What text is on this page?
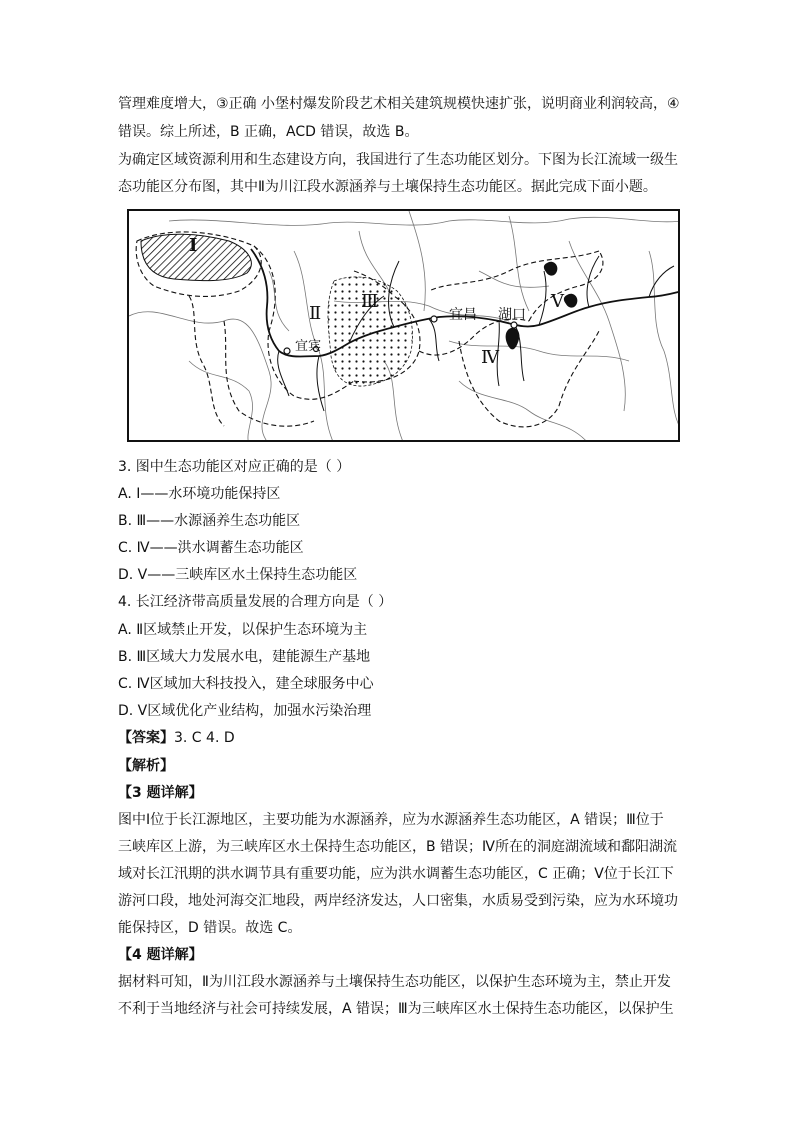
管理难度增大，③正确 小堡村爆发阶段艺术相关建筑规模快速扩张，说明商业利润较高，④
错误。综上所述，B 正确，ACD 错误，故选 B。
为确定区域资源利用和生态建设方向，我国进行了生态功能区划分。下图为长江流域一级生
态功能区分布图，其中Ⅱ为川江段水源涵养与土壤保持生态功能区。据此完成下面小题。
Ⅰ
Ⅱ
Ⅲ
Ⅳ
Ⅴ
宜宾
宜昌 湖口
3. 图中生态功能区对应正确的是（ ）
A. Ⅰ——水环境功能保持区
B. Ⅲ——水源涵养生态功能区
C. Ⅳ——洪水调蓄生态功能区
D. Ⅴ——三峡库区水土保持生态功能区
4. 长江经济带高质量发展的合理方向是（ ）
A. Ⅱ区域禁止开发，以保护生态环境为主
B. Ⅲ区域大力发展水电，建能源生产基地
C. Ⅳ区域加大科技投入，建全球服务中心
D. Ⅴ区域优化产业结构，加强水污染治理
【答案】3. C 4. D
【解析】
【3 题详解】
图中Ⅰ位于长江源地区，主要功能为水源涵养，应为水源涵养生态功能区，A 错误；Ⅲ位于
三峡库区上游，为三峡库区水土保持生态功能区，B 错误；Ⅳ所在的洞庭湖流域和鄱阳湖流
域对长江汛期的洪水调节具有重要功能，应为洪水调蓄生态功能区，C 正确；Ⅴ位于长江下
游河口段，地处河海交汇地段，两岸经济发达，人口密集，水质易受到污染，应为水环境功
能保持区，D 错误。故选 C。
【4 题详解】
据材料可知，Ⅱ为川江段水源涵养与土壤保持生态功能区，以保护生态环境为主，禁止开发
不利于当地经济与社会可持续发展，A 错误；Ⅲ为三峡库区水土保持生态功能区，以保护生
